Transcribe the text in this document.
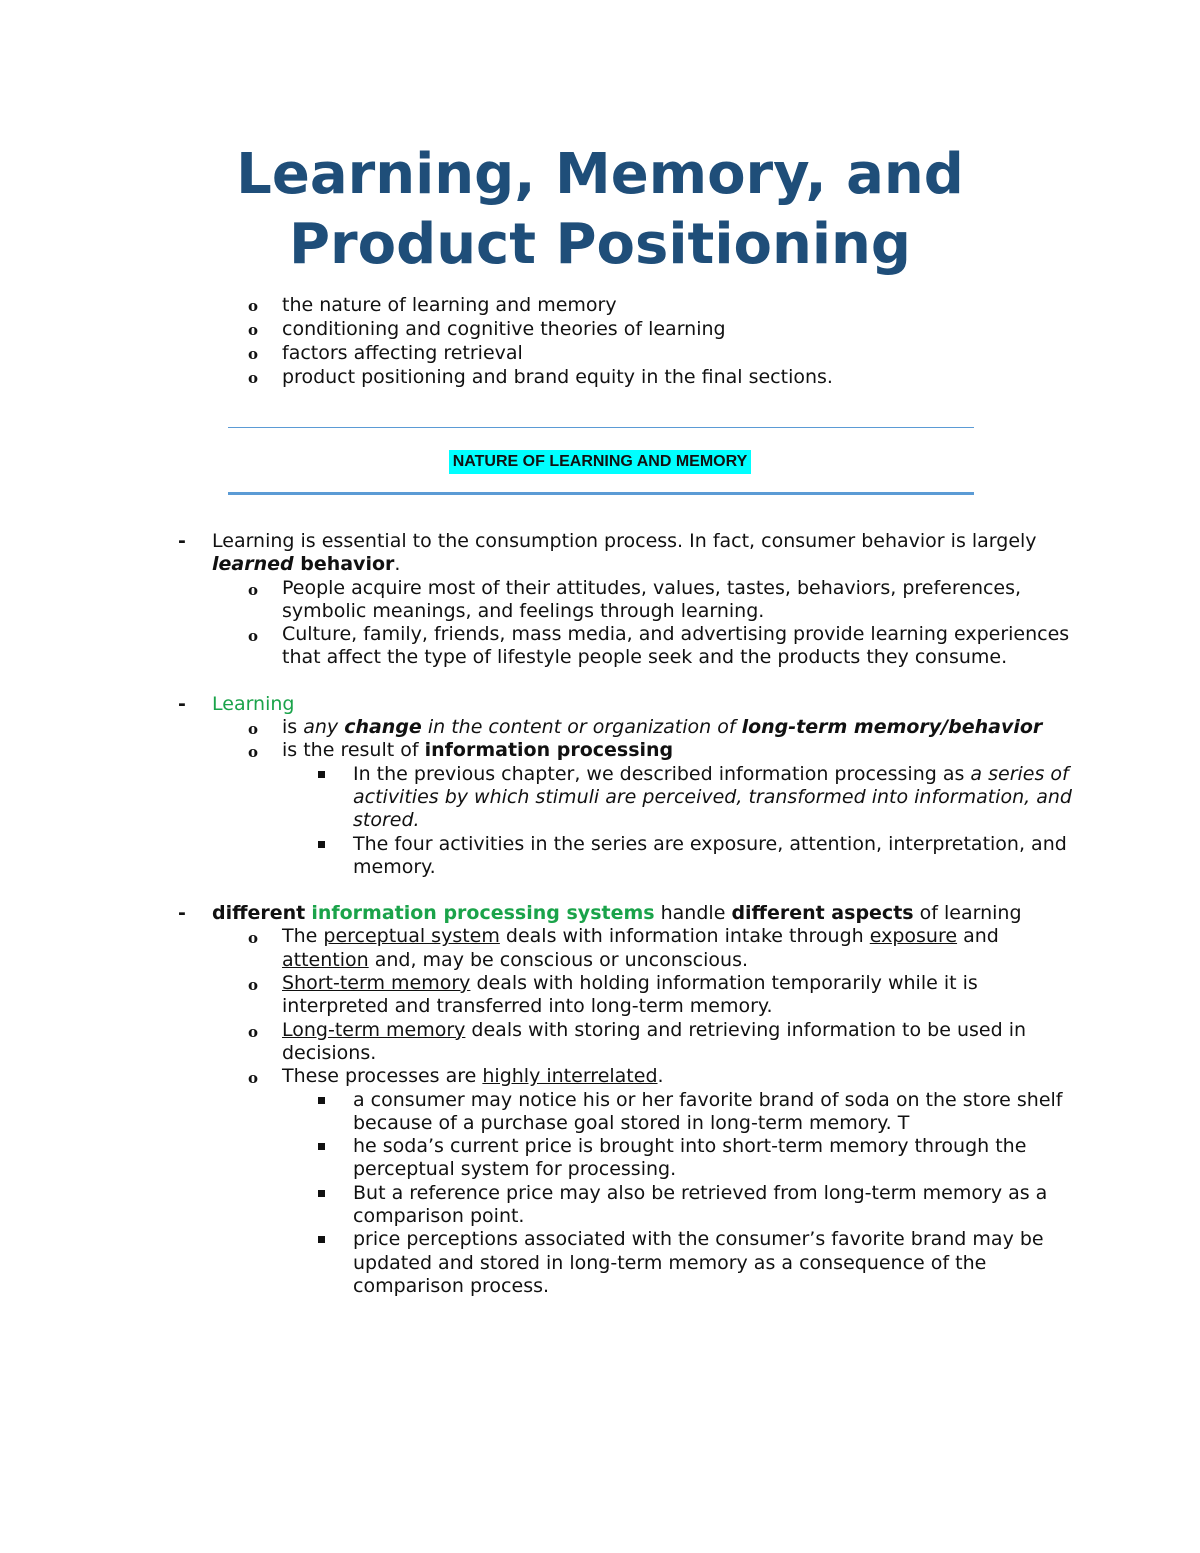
Learning, Memory, and Product Positioning
o the nature of learning and memory
o conditioning and cognitive theories of learning
o factors affecting retrieval
o product positioning and brand equity in the final sections.
NATURE OF LEARNING AND MEMORY
- Learning is essential to the consumption process. In fact, consumer behavior is largely learned behavior.

o People acquire most of their attitudes, values, tastes, behaviors, preferences, symbolic meanings, and feelings through learning.

o Culture, family, friends, mass media, and advertising provide learning experiences that affect the type of lifestyle people seek and the products they consume.

- Learning

o is any change in the content or organization of long-term memory/behavior

o is the result of information processing

In the previous chapter, we described information processing as a series of activities by which stimuli are perceived, transformed into information, and stored.

The four activities in the series are exposure, attention, interpretation, and memory.

- different information processing systems handle different aspects of learning

o The perceptual system deals with information intake through exposure and attention and, may be conscious or unconscious.

o Short-term memory deals with holding information temporarily while it is interpreted and transferred into long-term memory.

o Long-term memory deals with storing and retrieving information to be used in decisions.

o These processes are highly interrelated.

a consumer may notice his or her favorite brand of soda on the store shelf because of a purchase goal stored in long-term memory. T

he soda’s current price is brought into short-term memory through the perceptual system for processing.

But a reference price may also be retrieved from long-term memory as a comparison point.

price perceptions associated with the consumer’s favorite brand may be updated and stored in long-term memory as a consequence of the comparison process.
